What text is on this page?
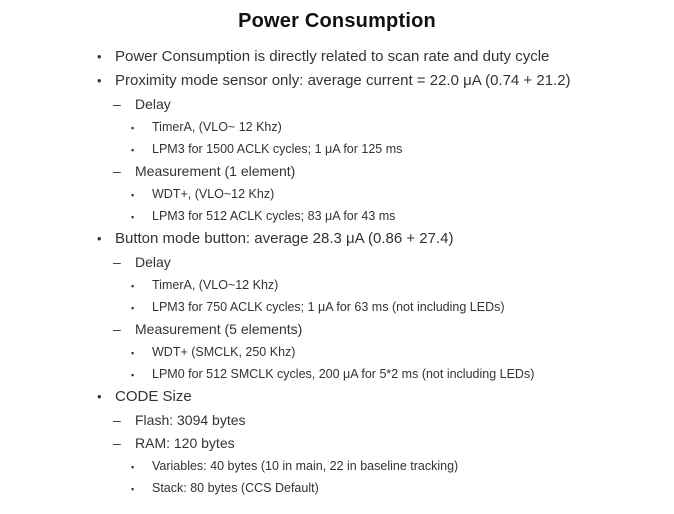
Power Consumption
• Power Consumption is directly related to scan rate and duty cycle
• Proximity mode sensor only: average current = 22.0 μA (0.74 + 21.2)
–	Delay
▪	TimerA, (VLO~ 12 Khz)
▪	LPM3 for 1500 ACLK cycles; 1 μA for 125 ms
–	Measurement (1 element)
▪	WDT+, (VLO~12 Khz)
▪	LPM3 for 512 ACLK cycles; 83 μA for 43 ms
• Button mode button: average 28.3 μA (0.86 + 27.4)
–	Delay
▪	TimerA, (VLO~12 Khz)
▪	LPM3 for 750 ACLK cycles; 1 μA for 63 ms (not including LEDs)
–	Measurement (5 elements)
▪	WDT+ (SMCLK, 250 Khz)
▪	LPM0 for 512 SMCLK cycles, 200 μA for 5*2 ms (not including LEDs)
• CODE Size
–	Flash: 3094 bytes
–	RAM: 120 bytes
▪	Variables: 40 bytes (10 in main, 22 in baseline tracking)
▪	Stack: 80 bytes (CCS Default)
